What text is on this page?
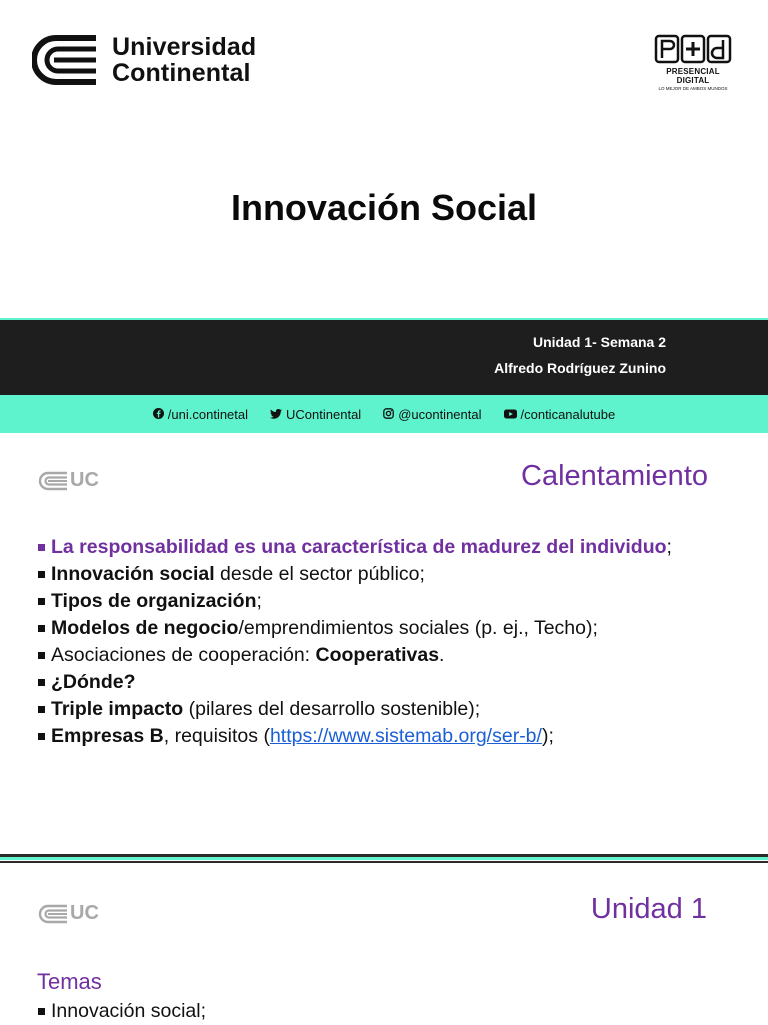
Universidad
Continental	PRESENCIAL DIGITAL
LO MEJOR DE AMBOS MUNDOS
Innovación Social
Unidad 1- Semana 2
Alfredo Rodríguez Zunino
/uni.continetal	UContinental	@ucontinental	/conticanalutube
UC	Calentamiento
La responsabilidad es una característica de madurez del individuo;
Innovación social desde el sector público;
Tipos de organización;
Modelos de negocio/emprendimientos sociales (p. ej., Techo);
Asociaciones de cooperación: Cooperativas.
¿Dónde?
Triple impacto (pilares del desarrollo sostenible);
Empresas B, requisitos (https://www.sistemab.org/ser-b/);
UC	Unidad 1
Temas
Innovación social;
